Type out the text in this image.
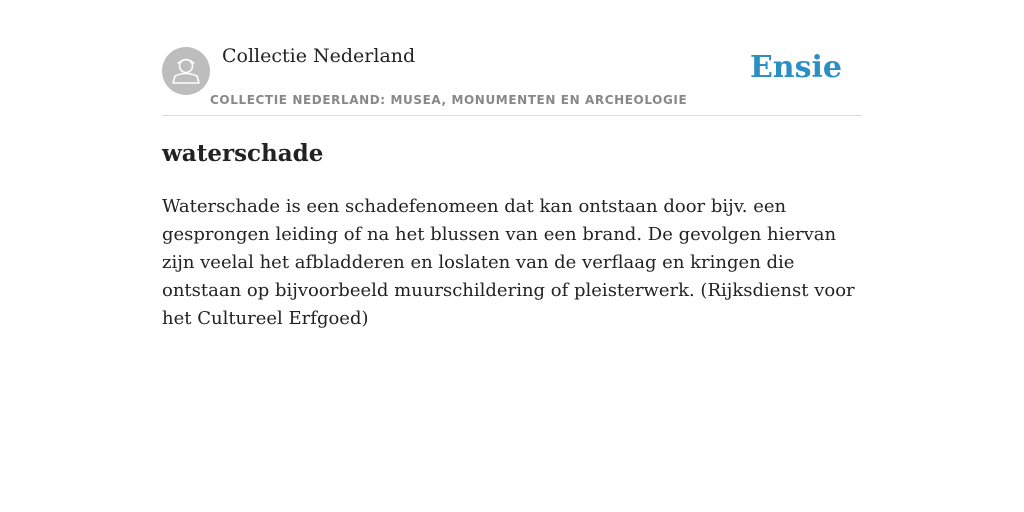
Collectie Nederland
COLLECTIE NEDERLAND: MUSEA, MONUMENTEN EN ARCHEOLOGIE
Ensie
waterschade

Waterschade is een schadefenomeen dat kan ontstaan door bijv. een gesprongen leiding of na het blussen van een brand. De gevolgen hiervan zijn veelal het afbladderen en loslaten van de verflaag en kringen die ontstaan op bijvoorbeeld muurschildering of pleisterwerk. (Rijksdienst voor het Cultureel Erfgoed)
